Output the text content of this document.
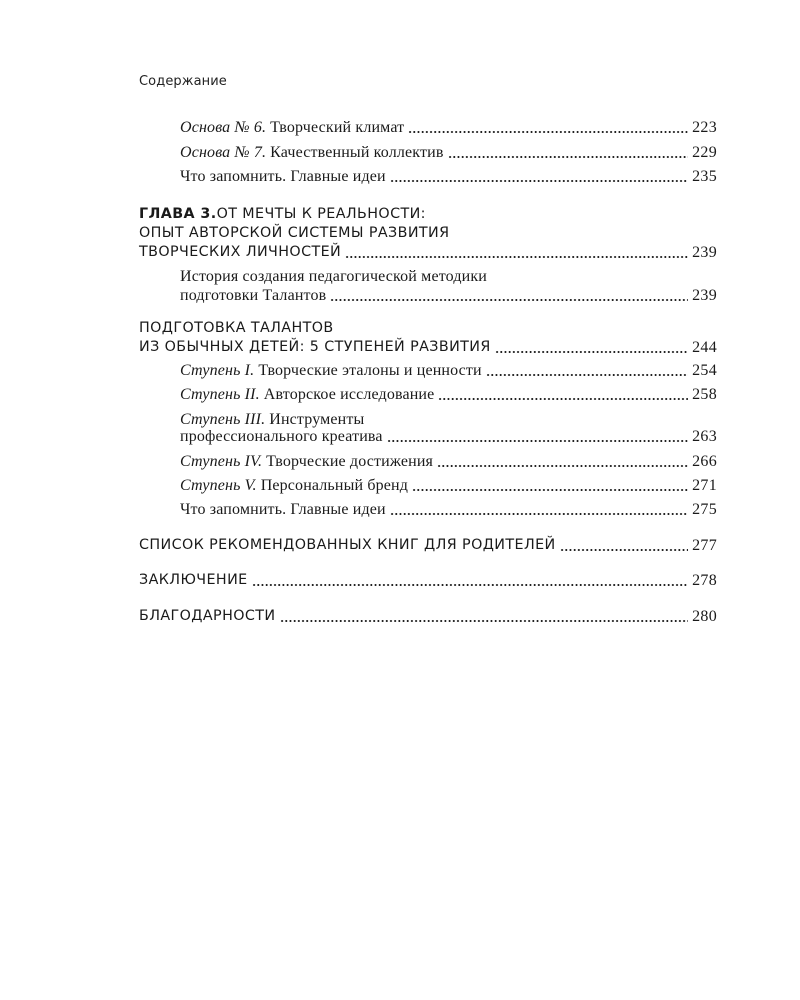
Содержание
Основа № 6. Творческий климат	223
Основа № 7. Качественный коллектив	229
Что запомнить. Главные идеи	235
ГЛАВА 3.ОТ МЕЧТЫ К РЕАЛЬНОСТИ:
ОПЫТ АВТОРСКОЙ СИСТЕМЫ РАЗВИТИЯ
ТВОРЧЕСКИХ ЛИЧНОСТЕЙ	239
История создания педагогической методики
подготовки Талантов	239
ПОДГОТОВКА ТАЛАНТОВ
ИЗ ОБЫЧНЫХ ДЕТЕЙ: 5 СТУПЕНЕЙ РАЗВИТИЯ	244
Ступень I. Творческие эталоны и ценности	254
Ступень II. Авторское исследование	258
Ступень III. Инструменты
профессионального креатива	263
Ступень IV. Творческие достижения	266
Ступень V. Персональный бренд	271
Что запомнить. Главные идеи	275
СПИСОК РЕКОМЕНДОВАННЫХ КНИГ ДЛЯ РОДИТЕЛЕЙ	277
ЗАКЛЮЧЕНИЕ	278
БЛАГОДАРНОСТИ	280
